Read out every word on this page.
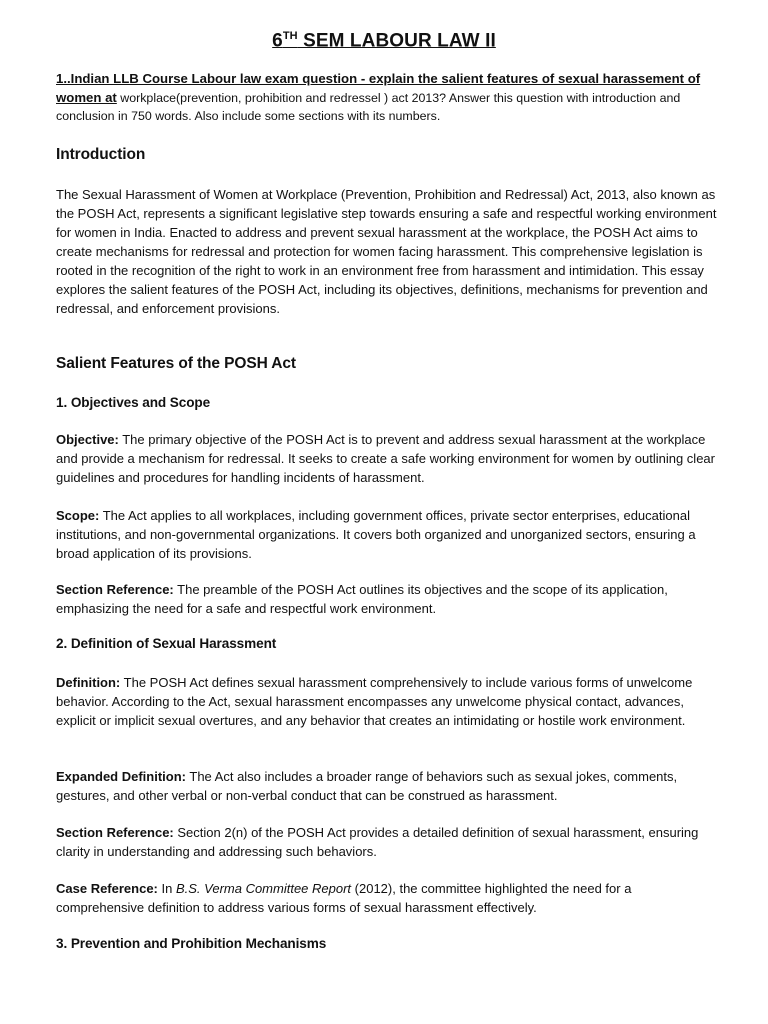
6TH SEM LABOUR LAW II
1..Indian LLB Course Labour law exam question - explain the salient features of sexual harassement of women at workplace(prevention, prohibition and redressel ) act 2013? Answer this question with introduction and conclusion in 750 words. Also include some sections with its numbers.
Introduction
The Sexual Harassment of Women at Workplace (Prevention, Prohibition and Redressal) Act, 2013, also known as the POSH Act, represents a significant legislative step towards ensuring a safe and respectful working environment for women in India. Enacted to address and prevent sexual harassment at the workplace, the POSH Act aims to create mechanisms for redressal and protection for women facing harassment. This comprehensive legislation is rooted in the recognition of the right to work in an environment free from harassment and intimidation. This essay explores the salient features of the POSH Act, including its objectives, definitions, mechanisms for prevention and redressal, and enforcement provisions.
Salient Features of the POSH Act
1. Objectives and Scope
Objective: The primary objective of the POSH Act is to prevent and address sexual harassment at the workplace and provide a mechanism for redressal. It seeks to create a safe working environment for women by outlining clear guidelines and procedures for handling incidents of harassment.
Scope: The Act applies to all workplaces, including government offices, private sector enterprises, educational institutions, and non-governmental organizations. It covers both organized and unorganized sectors, ensuring a broad application of its provisions.
Section Reference: The preamble of the POSH Act outlines its objectives and the scope of its application, emphasizing the need for a safe and respectful work environment.
2. Definition of Sexual Harassment
Definition: The POSH Act defines sexual harassment comprehensively to include various forms of unwelcome behavior. According to the Act, sexual harassment encompasses any unwelcome physical contact, advances, explicit or implicit sexual overtures, and any behavior that creates an intimidating or hostile work environment.
Expanded Definition: The Act also includes a broader range of behaviors such as sexual jokes, comments, gestures, and other verbal or non-verbal conduct that can be construed as harassment.
Section Reference: Section 2(n) of the POSH Act provides a detailed definition of sexual harassment, ensuring clarity in understanding and addressing such behaviors.
Case Reference: In B.S. Verma Committee Report (2012), the committee highlighted the need for a comprehensive definition to address various forms of sexual harassment effectively.
3. Prevention and Prohibition Mechanisms
